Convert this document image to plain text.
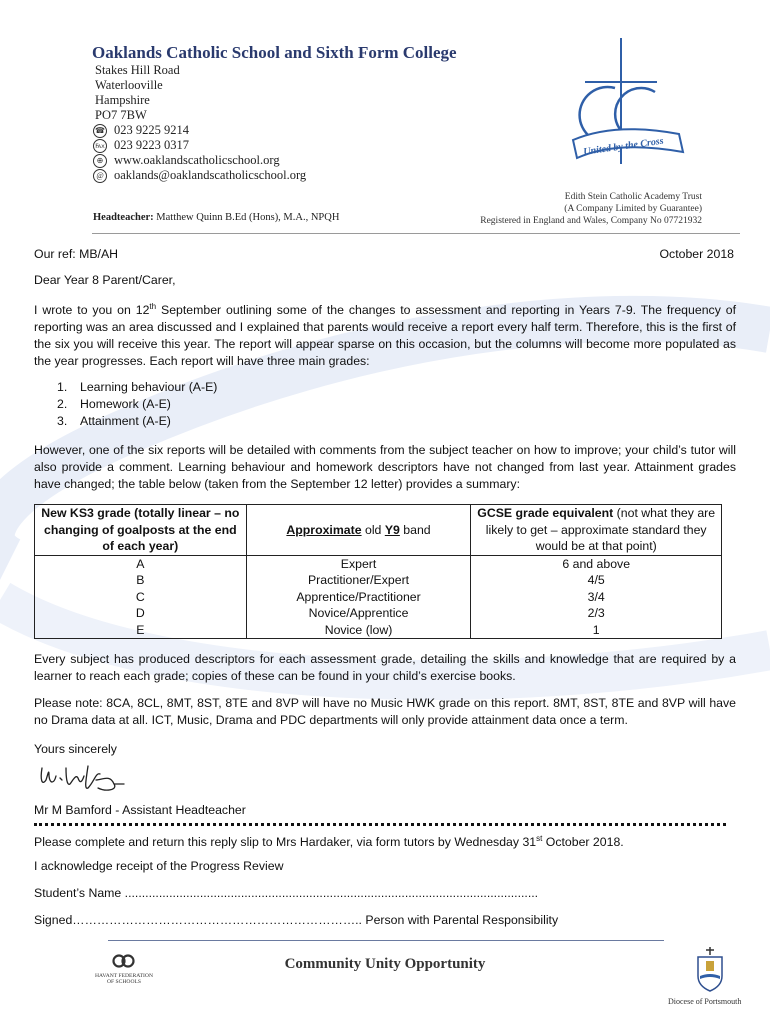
Oaklands Catholic School and Sixth Form College
Stakes Hill Road
Waterlooville
Hampshire
PO7 7BW
☎ 023 9225 9214
℻ 023 9223 0317
⊕ www.oaklandscatholicschool.org
@ oaklands@oaklandscatholicschool.org
United by the Cross
Edith Stein Catholic Academy Trust
(A Company Limited by Guarantee)
Registered in England and Wales, Company No 07721932
Headteacher: Matthew Quinn B.Ed (Hons), M.A., NPQH
Our ref: MB/AH	October 2018
Dear Year 8 Parent/Carer,
I wrote to you on 12th September outlining some of the changes to assessment and reporting in Years 7-9. The frequency of reporting was an area discussed and I explained that parents would receive a report every half term. Therefore, this is the first of the six you will receive this year. The report will appear sparse on this occasion, but the columns will become more populated as the year progresses. Each report will have three main grades:
1. Learning behaviour (A-E)
2. Homework (A-E)
3. Attainment (A-E)
However, one of the six reports will be detailed with comments from the subject teacher on how to improve; your child’s tutor will also provide a comment. Learning behaviour and homework descriptors have not changed from last year. Attainment grades have changed; the table below (taken from the September 12 letter) provides a summary:
New KS3 grade (totally linear – no changing of goalposts at the end of each year)	Approximate old Y9 band	GCSE grade equivalent (not what they are likely to get – approximate standard they would be at that point)
A	Expert	6 and above
B	Practitioner/Expert	4/5
C	Apprentice/Practitioner	3/4
D	Novice/Apprentice	2/3
E	Novice (low)	1
Every subject has produced descriptors for each assessment grade, detailing the skills and knowledge that are required by a learner to reach each grade; copies of these can be found in your child’s exercise books.
Please note: 8CA, 8CL, 8MT, 8ST, 8TE and 8VP will have no Music HWK grade on this report. 8MT, 8ST, 8TE and 8VP will have no Drama data at all. ICT, Music, Drama and PDC departments will only provide attainment data once a term.
Yours sincerely
Mr M Bamford - Assistant Headteacher
Please complete and return this reply slip to Mrs Hardaker, via form tutors by Wednesday 31st October 2018.
I acknowledge receipt of the Progress Review
Student’s Name .........................................................................................................................
Signed…………………………………………………………….. Person with Parental Responsibility
HAVANT FEDERATION
OF SCHOOLS
Community Unity Opportunity
Diocese of Portsmouth
